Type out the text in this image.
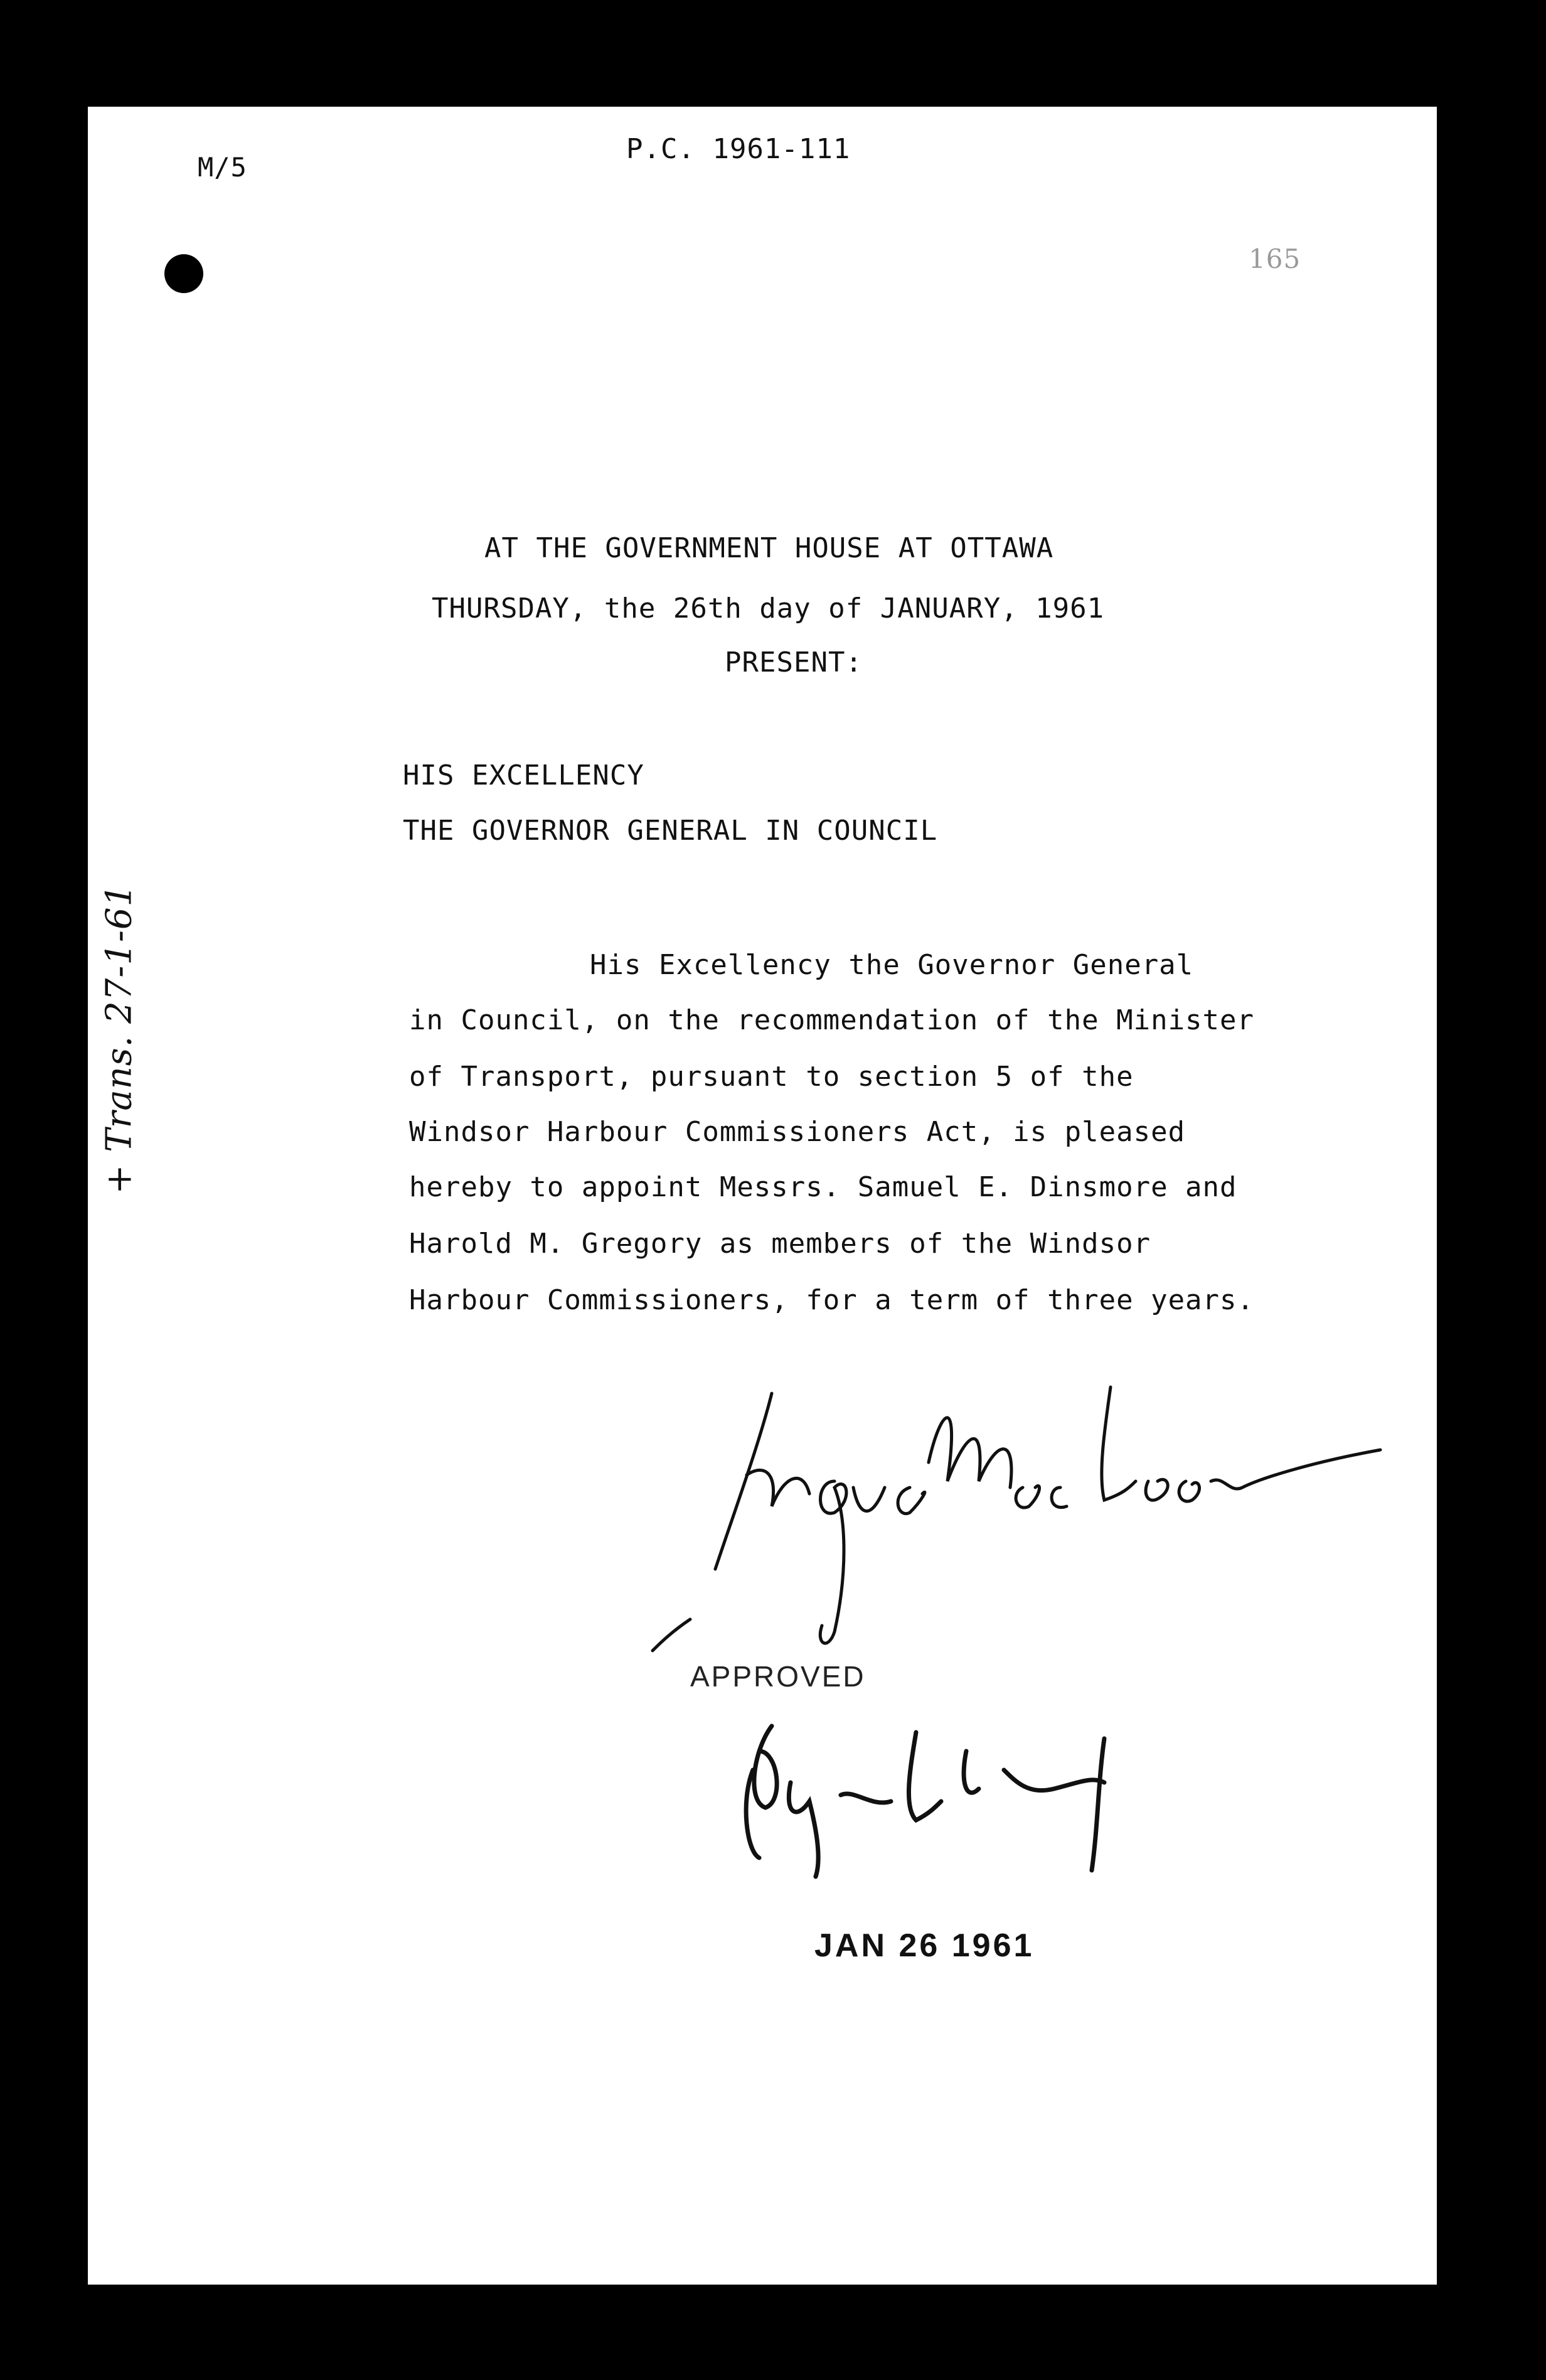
M/5
P.C. 1961-111
165
+ Trans. 27-1-61
AT THE GOVERNMENT HOUSE AT OTTAWA
THURSDAY, the 26th day of JANUARY, 1961
PRESENT:
HIS EXCELLENCY
THE GOVERNOR GENERAL IN COUNCIL
His Excellency the Governor General
in Council, on the recommendation of the Minister
of Transport, pursuant to section 5 of the
Windsor Harbour Commissioners Act, is pleased
hereby to appoint Messrs. Samuel E. Dinsmore and
Harold M. Gregory as members of the Windsor
Harbour Commissioners, for a term of three years.
APPROVED
JAN 26 1961
